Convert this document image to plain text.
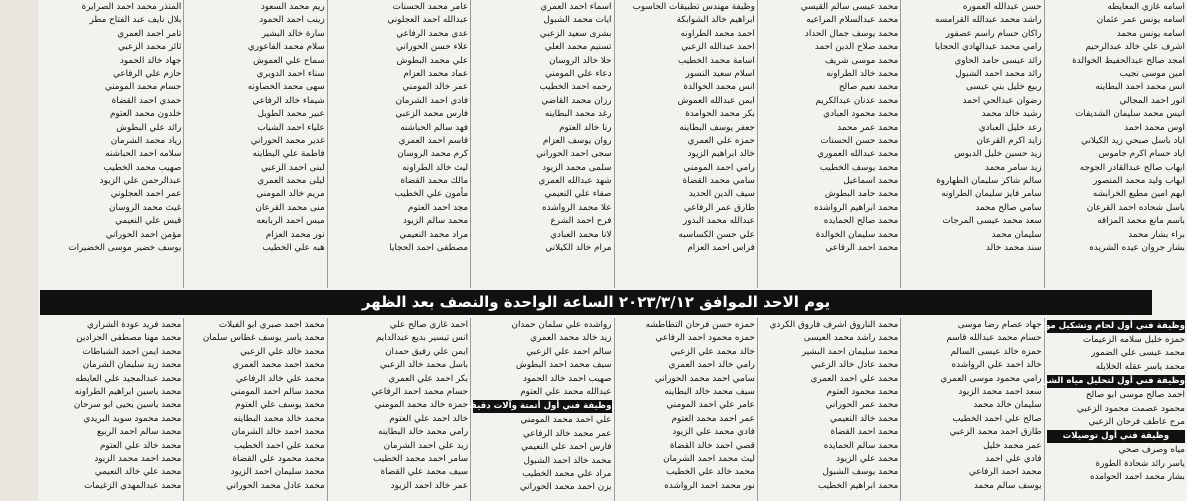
اسامه غازي المعايطه
اسامه يونس عمر عثمان
اسامه يونس محمد
اشرف علي خالد عبدالرحيم
امجد صالح عبدالحفيظ الخوالدة
امين موسى نجيب
انس محمد احمد البطاينه
انور احمد المجالي
انيس محمد سليمان الشديفات
اوس محمد احمد
اياد باسل صبحي زيد الكيلاني
اياد حسام اكرم جاموس
ايهاب صالح عبدالقادر الجوجه
ايهاب وليد محمد المنصور
ايهم امين مطيع الخرابشه
باسل شحاده احمد القرعان
باسم مانع محمد المزاقه
براء بشار محمد
بشار جروان عيده الشريده
حسن عبدالله العموره
راشد محمد عبدالله القرامسه
راكان حسام راسم عصفور
رامي محمد عبدالهادي الحجايا
رائد عيسى حامد الحاوي
رائد محمد احمد الشبول
ربيع خليل بني عيسى
رضوان عبدالحي احمد
رشيد خالد محمد
رعد خليل العبادي
زايد اكرم القرعان
زيد حسين خليل الدبوس
زيد سامر محمد
سالم شاكر سليمان الطهاروة
سامر فايز سليمان الطراونه
سامي صالح محمد
سعد محمد عيسى المرجات
سليمان محمد
سند محمد خالد
محمد عيسى سالم القيسي
محمد عبدالسلام المراعيه
محمد يوسف جمال الحداد
محمد صلاح الدين احمد
محمد موسى شريف
محمد خالد الطراونه
محمد نعيم صالح
محمد عدنان عبدالكريم
محمد محمود العبادي
محمد عمر محمد
محمد حسن الحسنات
محمد عبدالله العموري
محمد يوسف الخطيب
محمد اسماعيل
محمد حامد البطوش
محمد ابراهيم الرواشده
محمد صالح الحمايده
محمد سليمان الخوالدة
محمد احمد الرفاعي
وظيفة مهندس تطبيقات الحاسوب
ابراهيم خالد الشوابكة
احمد محمد الطراونه
احمد عبدالله الزعبي
اسامة محمد الخطيب
اسلام سعيد النسور
انس محمد الخوالدة
ايمن عبدالله العموش
بكر محمد الحوامدة
جعفر يوسف البطاينه
حمزه علي العمري
خالد ابراهيم الزيود
رامي احمد المومني
سامي محمد القضاة
سيف الدين الحديد
طارق عمر الرفاعي
عبدالله محمد البدور
علي حسن الكساسبه
فراس احمد العزام
اسماء احمد العمري
ايات محمد الشبول
بشرى سعيد الزعبي
تسنيم محمد العلي
حلا خالد الروسان
دعاء علي المومني
رحمه احمد الخطيب
رزان محمد القاضي
رغد محمد البطاينه
رنا خالد العتوم
روان يوسف العزام
سجى احمد الحوراني
سلمى محمد الزيود
شهد عبدالله العمري
صفاء علي النعيمي
علا محمد الرواشده
فرح احمد الشرع
لانا محمد العبادي
مرام خالد الكيلاني
عامر محمد الحسنات
عبدالله احمد العجلوني
عدي محمد الرفاعي
علاء حسن الحوراني
علي محمد البطوش
عماد محمد العزام
عمر خالد المومني
فادي احمد الشرمان
فارس محمد الزعبي
فهد سالم الحباشنه
قاسم احمد العمري
كرم محمد الروسان
ليث خالد الطراونه
مالك محمد القضاة
مأمون علي الخطيب
مجد احمد العتوم
محمد سالم الزيود
مراد محمد النعيمي
مصطفى احمد الحجايا
ريم محمد السعود
زينب احمد الحمود
سارة خالد البشير
سلام محمد الفاعوري
سماح علي العموش
سناء احمد الدويري
سهى محمد الخصاونه
شيماء خالد الرفاعي
عبير محمد الطويل
علياء احمد الشياب
غدير محمد الحوراني
فاطمة علي البطاينه
لبنى احمد الزعبي
ليلى محمد العمري
مريم خالد المومني
منى محمد القرعان
ميس احمد الربابعه
نور محمد العزام
هبه علي الخطيب
المنذر محمد احمد الصرايرة
بلال نايف عبد الفتاح مطر
تامر احمد العمري
ثائر محمد الزعبي
جهاد خالد الحمود
حازم علي الرفاعي
حسام محمد المومني
حمدي احمد القضاة
خلدون محمد العتوم
رائد علي البطوش
زياد محمد الشرمان
سلامه احمد الحباشنه
صهيب محمد الخطيب
عبدالرحمن علي الزيود
عمر احمد العجلوني
غيث محمد الروسان
قيس علي النعيمي
مؤمن احمد الحوراني
يوسف خضير موسى الخضيرات
يوم الاحد الموافق ٢٠٢٣/٣/١٢ الساعة الواحدة والنصف بعد الظهر
وظيفة فني أول لحام وتشكيل مواسير
حمزه خليل سلامه الزعيمات
محمد عيسى علي الضمور
محمد ياسر عقله الخلايله
وظيفة فني أول لتحليل مياه الشرب
احمد صالح موسى ابو صالح
محمود عصمت محمود الزعبي
مرح عاطف فرحان الزعبي
وظيفة فني أول توصيلات
مياه وصرف صحي
ياسر رائد شحادة الطورة
بشار محمد احمد الحوامده
جهاد عصام رضا موسى
حسام محمد عبدالله قاسم
حمزه خالد عيسى السالم
خالد احمد علي الرواشده
رامي محمود موسى العمري
سعد احمد محمد الزيود
سليمان خالد محمد
صالح علي احمد الخطيب
طارق احمد محمد الزعبي
عمر محمد خليل
فادي علي احمد
محمد احمد الرفاعي
يوسف سالم محمد
محمد الناروق اشرف فاروق الكردي
محمد راشد محمد العيسى
محمد سليمان احمد البشير
محمد عادل خالد الزعبي
محمد علي احمد العمري
محمد محمود العتوم
محمد عمر الحوراني
محمد خالد النعيمي
محمد احمد القضاة
محمد سالم الحمايده
محمد علي الزيود
محمد يوسف الشبول
محمد ابراهيم الخطيب
حمزه حسن فرحان التطاطشه
حمزه محمود احمد الرفاعي
خالد محمد علي الزعبي
رامي خالد احمد العمري
سامي احمد محمد الحوراني
سيف محمد خالد البطاينه
عامر علي احمد المومني
عمر احمد محمد العتوم
فادي محمد علي الزيود
قصي احمد خالد القضاة
ليث محمد احمد الشرمان
محمد خالد علي الخطيب
نور محمد احمد الرواشده
رواشده علي سلمان حمدان
زيد خالد محمد العمري
سالم احمد علي الزعبي
سيف محمد احمد البطوش
صهيب احمد خالد الحمود
عبدالله محمد علي العتوم
وظيفة فني أول أتمتة وآلات دقيقة
علي احمد محمد المومني
عمر محمد خالد الرفاعي
فارس احمد علي النعيمي
محمد خالد احمد الشبول
مراد علي محمد الخطيب
يزن احمد محمد الحوراني
احمد غازي صالح علي
انس تيسير بديع عبدالدايم
ايمن علي رفيق حمدان
باسل محمد خالد الزعبي
بكر احمد علي العمري
حسام محمد احمد الرفاعي
حمزه خالد محمد المومني
خالد احمد علي العتوم
رامي محمد خالد البطاينه
زيد علي احمد الشرمان
سامر احمد محمد الخطيب
سيف محمد علي القضاة
عمر خالد احمد الزيود
محمد احمد صبري ابو الفيلات
محمد ياسر يوسف غطاس سلمان
محمد خالد علي الزعبي
محمد احمد محمد العمري
محمد علي خالد الرفاعي
محمد سالم احمد المومني
محمد يوسف علي العتوم
محمد خالد محمد البطاينه
محمد احمد خالد الشرمان
محمد علي احمد الخطيب
محمد محمود علي القضاة
محمد سليمان احمد الزيود
محمد عادل محمد الحوراني
محمد فريد عودة الشراري
محمد مهنا مصطفى الجرادين
محمد ايمن احمد الشباطات
محمد زيد سليمان الشرمان
محمد عبدالمجيد علي العايطه
محمد ياسين ابراهيم الطراونه
محمد ياسين يحيى ابو سرحان
محمد محمود سويد البريدي
محمد سالم احمد الربيع
محمد خالد علي العتوم
محمد احمد محمد الزيود
محمد علي خالد النعيمي
محمد عبدالمهدي الزغيمات
